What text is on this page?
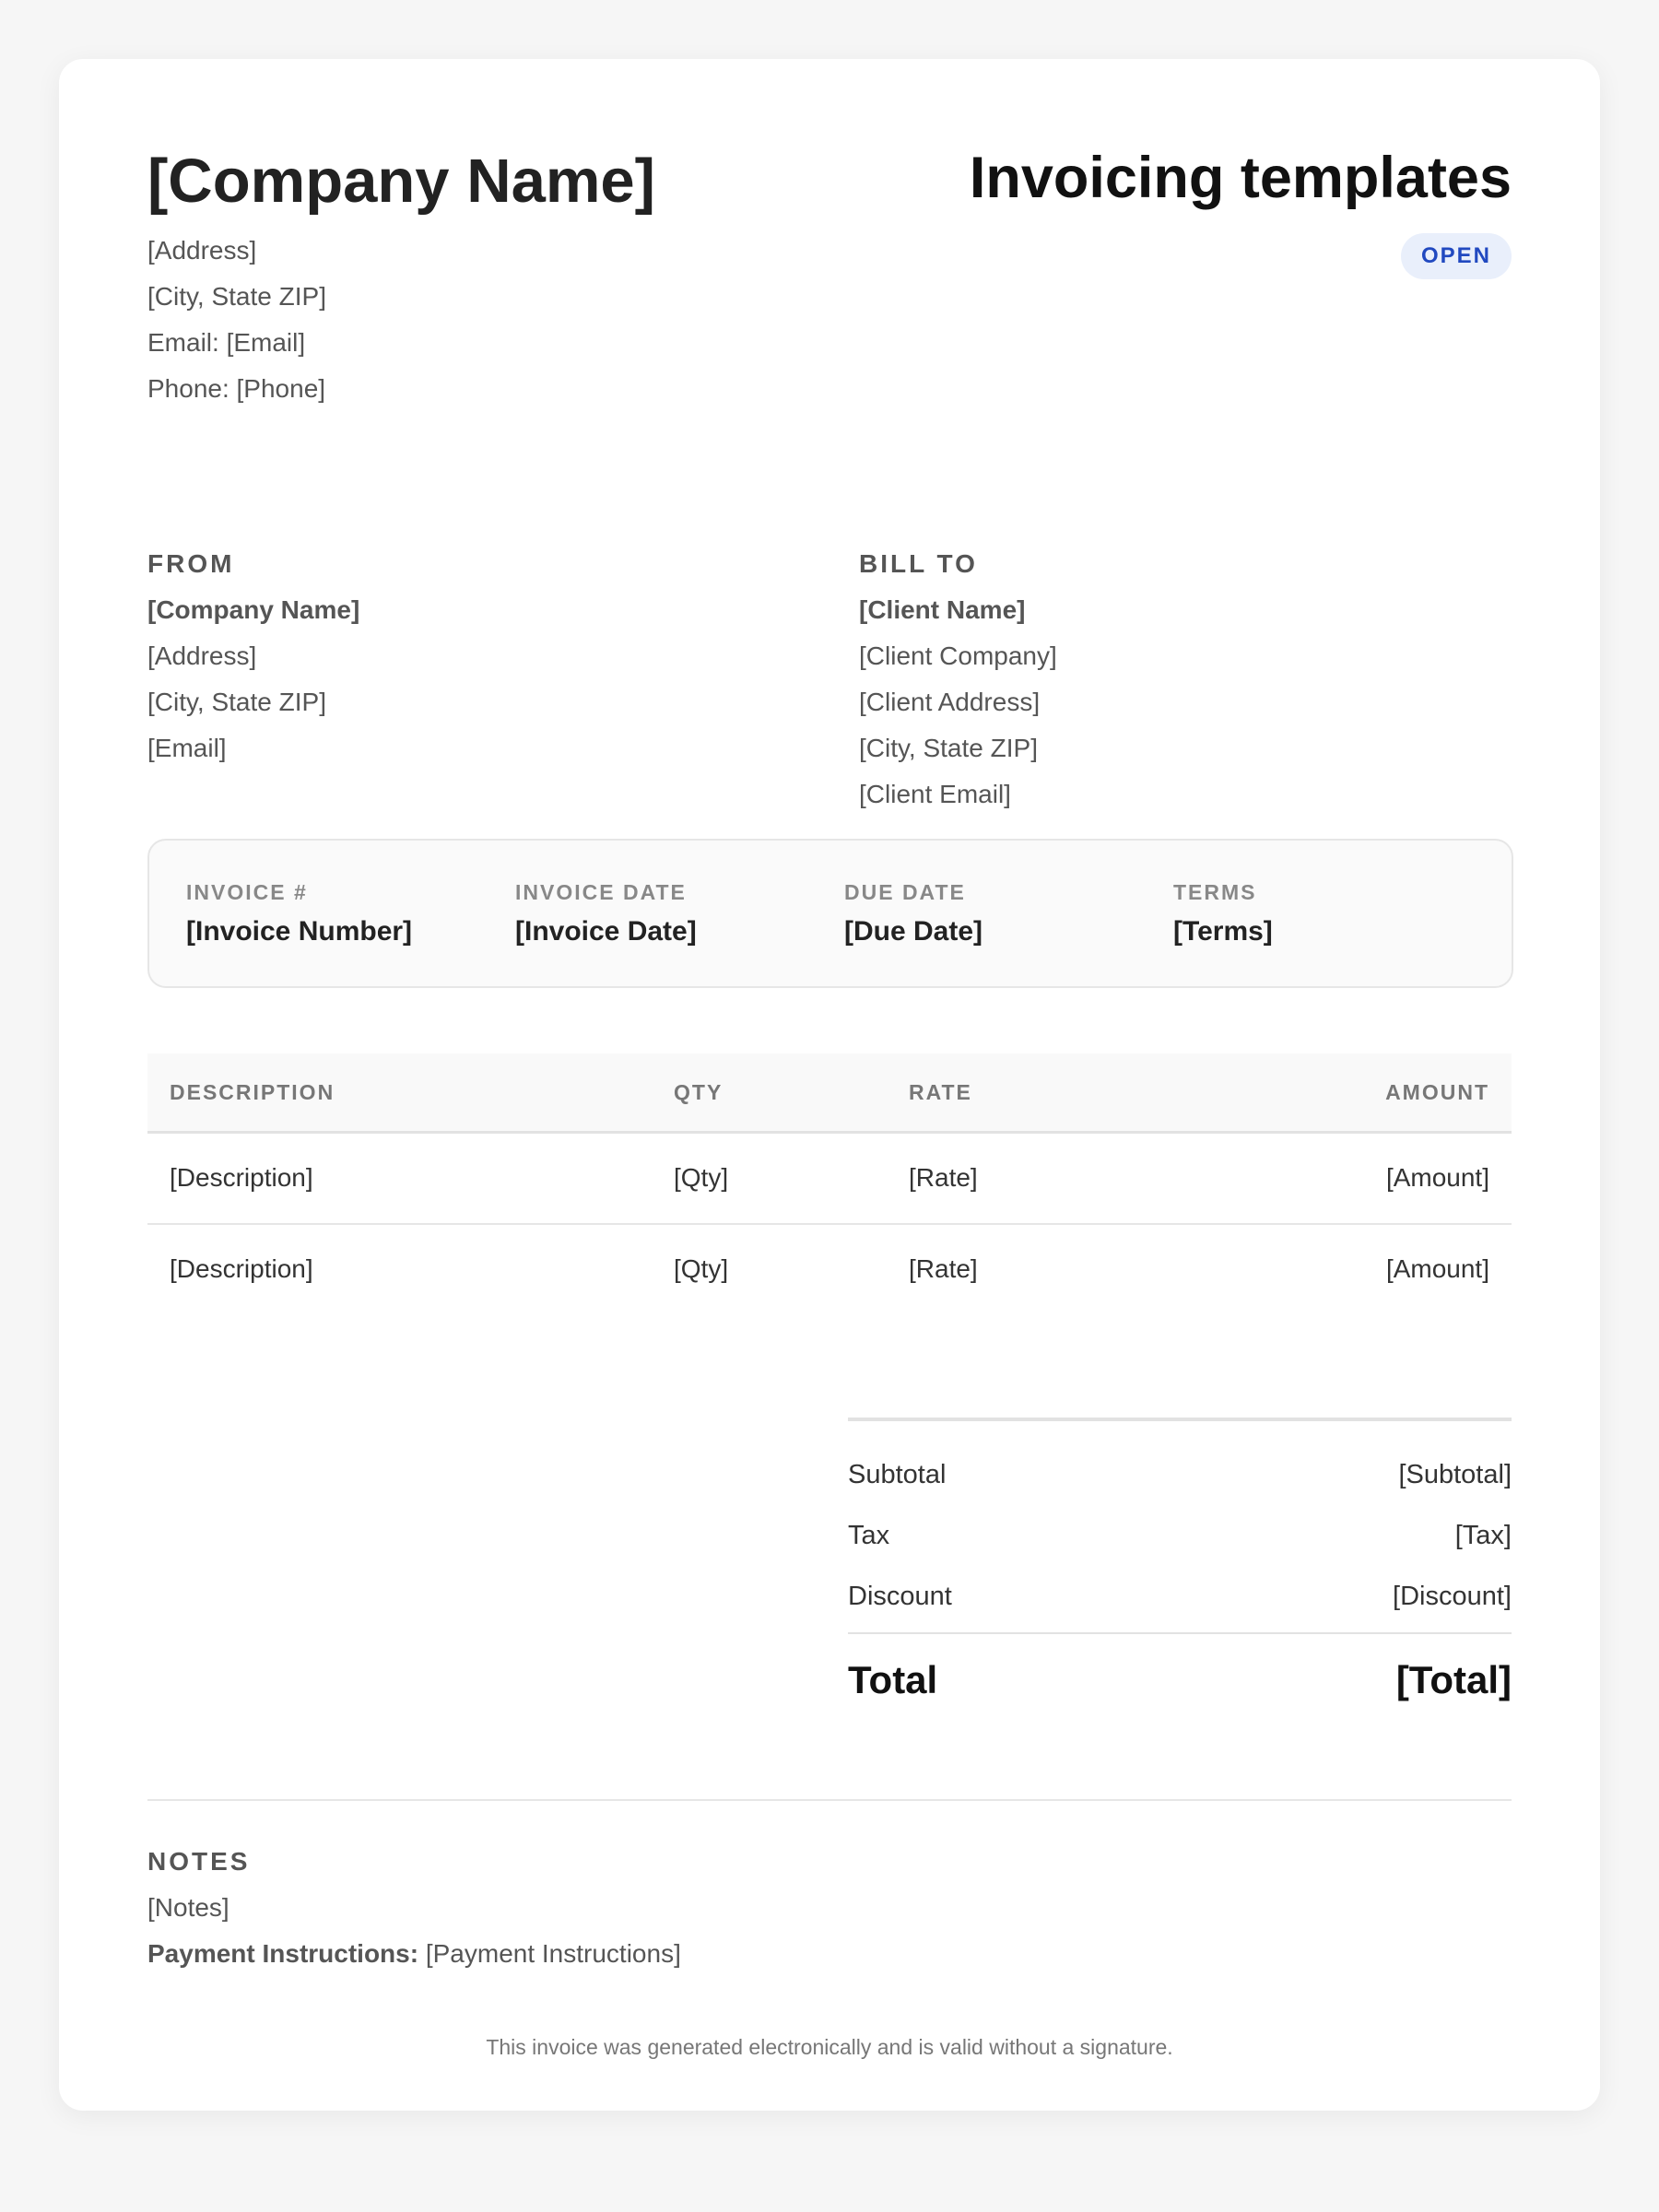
[Company Name]
[Address]
[City, State ZIP]
Email: [Email]
Phone: [Phone]
Invoicing templates
OPEN
FROM
[Company Name]
[Address]
[City, State ZIP]
[Email]
BILL TO
[Client Name]
[Client Company]
[Client Address]
[City, State ZIP]
[Client Email]
INVOICE #
[Invoice Number]
INVOICE DATE
[Invoice Date]
DUE DATE
[Due Date]
TERMS
[Terms]
DESCRIPTION	QTY	RATE	AMOUNT
[Description]	[Qty]	[Rate]	[Amount]
[Description]	[Qty]	[Rate]	[Amount]
Subtotal	[Subtotal]
Tax	[Tax]
Discount	[Discount]
Total	[Total]
NOTES
[Notes]
Payment Instructions: [Payment Instructions]
This invoice was generated electronically and is valid without a signature.
